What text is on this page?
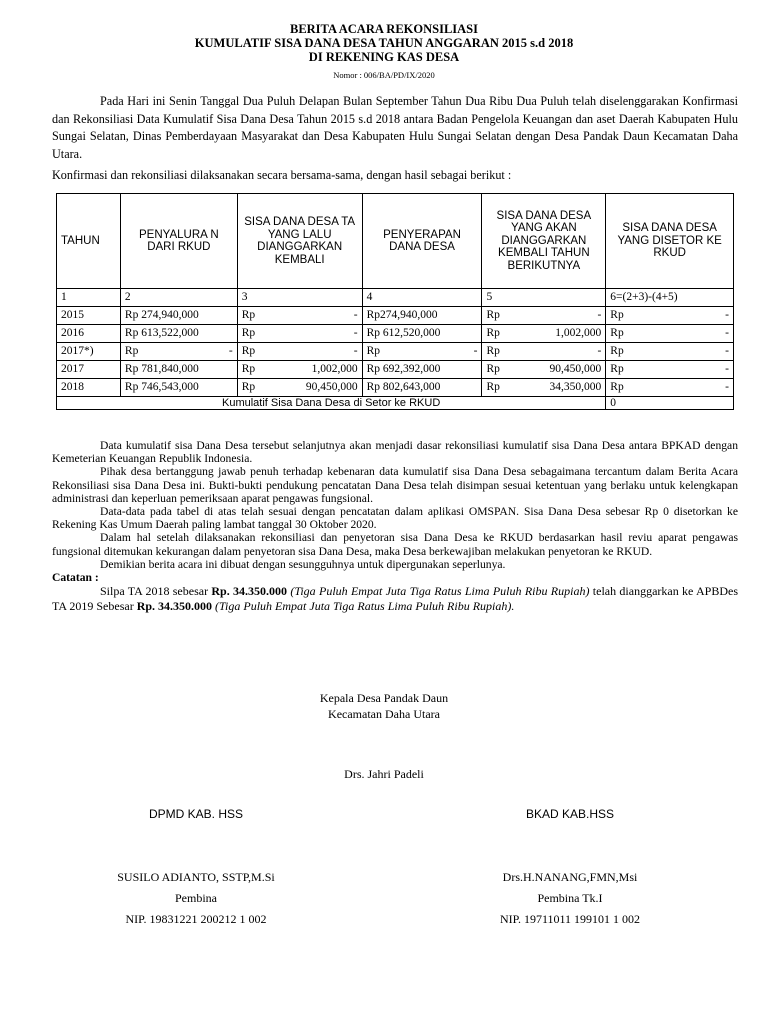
BERITA ACARA REKONSILIASI
KUMULATIF SISA DANA DESA TAHUN ANGGARAN 2015 s.d 2018
DI REKENING KAS DESA
Nomor : 006/BA/PD/IX/2020
Pada Hari ini Senin Tanggal Dua Puluh Delapan Bulan September Tahun Dua Ribu Dua Puluh telah diselenggarakan Konfirmasi dan Rekonsiliasi Data Kumulatif Sisa Dana Desa Tahun 2015 s.d 2018 antara Badan Pengelola Keuangan dan aset Daerah Kabupaten Hulu Sungai Selatan, Dinas Pemberdayaan Masyarakat dan Desa Kabupaten Hulu Sungai Selatan dengan Desa Pandak Daun Kecamatan Daha Utara.
Konfirmasi dan rekonsiliasi dilaksanakan secara bersama-sama, dengan hasil sebagai berikut :
TAHUN	PENYALURA N DARI RKUD	SISA DANA DESA TA YANG LALU DIANGGARKAN KEMBALI	PENYERAPAN DANA DESA	SISA DANA DESA YANG AKAN DIANGGARKAN KEMBALI TAHUN BERIKUTNYA	SISA DANA DESA YANG DISETOR KE RKUD
1	2	3	4	5	6=(2+3)-(4+5)
2015	Rp 274,940,000	Rp -	Rp274,940,000	Rp -	Rp -

2016	Rp 613,522,000	Rp -	Rp 612,520,000	Rp 1,002,000	Rp -

2017*)	Rp -	Rp -	Rp -	Rp -	Rp -

2017	Rp 781,840,000	Rp 1,002,000	Rp 692,392,000	Rp 90,450,000	Rp -

2018	Rp 746,543,000	Rp 90,450,000	Rp 802,643,000	Rp 34,350,000	Rp -

Kumulatif Sisa Dana Desa di Setor ke RKUD					0

Data kumulatif sisa Dana Desa tersebut selanjutnya akan menjadi dasar rekonsiliasi kumulatif sisa Dana Desa antara BPKAD dengan Kemeterian Keuangan Republik Indonesia.

Pihak desa bertanggung jawab penuh terhadap kebenaran data kumulatif sisa Dana Desa sebagaimana tercantum dalam Berita Acara Rekonsiliasi sisa Dana Desa ini. Bukti-bukti pendukung pencatatan Dana Desa telah disimpan sesuai ketentuan yang berlaku untuk kelengkapan administrasi dan keperluan pemeriksaan aparat pengawas fungsional.

Data-data pada tabel di atas telah sesuai dengan pencatatan dalam aplikasi OMSPAN. Sisa Dana Desa sebesar Rp 0 disetorkan ke Rekening Kas Umum Daerah paling lambat tanggal 30 Oktober 2020.

Dalam hal setelah dilaksanakan rekonsiliasi dan penyetoran sisa Dana Desa ke RKUD berdasarkan hasil reviu aparat pengawas fungsional ditemukan kekurangan dalam penyetoran sisa Dana Desa, maka Desa berkewajiban melakukan penyetoran ke RKUD.

Demikian berita acara ini dibuat dengan sesungguhnya untuk dipergunakan seperlunya.

Catatan :

Silpa TA 2018 sebesar Rp. 34.350.000 (Tiga Puluh Empat Juta Tiga Ratus Lima Puluh Ribu Rupiah) telah dianggarkan ke APBDes TA 2019 Sebesar Rp. 34.350.000 (Tiga Puluh Empat Juta Tiga Ratus Lima Puluh Ribu Rupiah).

Kepala Desa Pandak Daun
Kecamatan Daha Utara
Drs. Jahri Padeli
DPMD KAB. HSS	BKAD KAB.HSS
SUSILO ADIANTO, SSTP,M.Si
Pembina
NIP. 19831221 200212 1 002
Drs.H.NANANG,FMN,Msi
Pembina Tk.I
NIP. 19711011 199101 1 002
